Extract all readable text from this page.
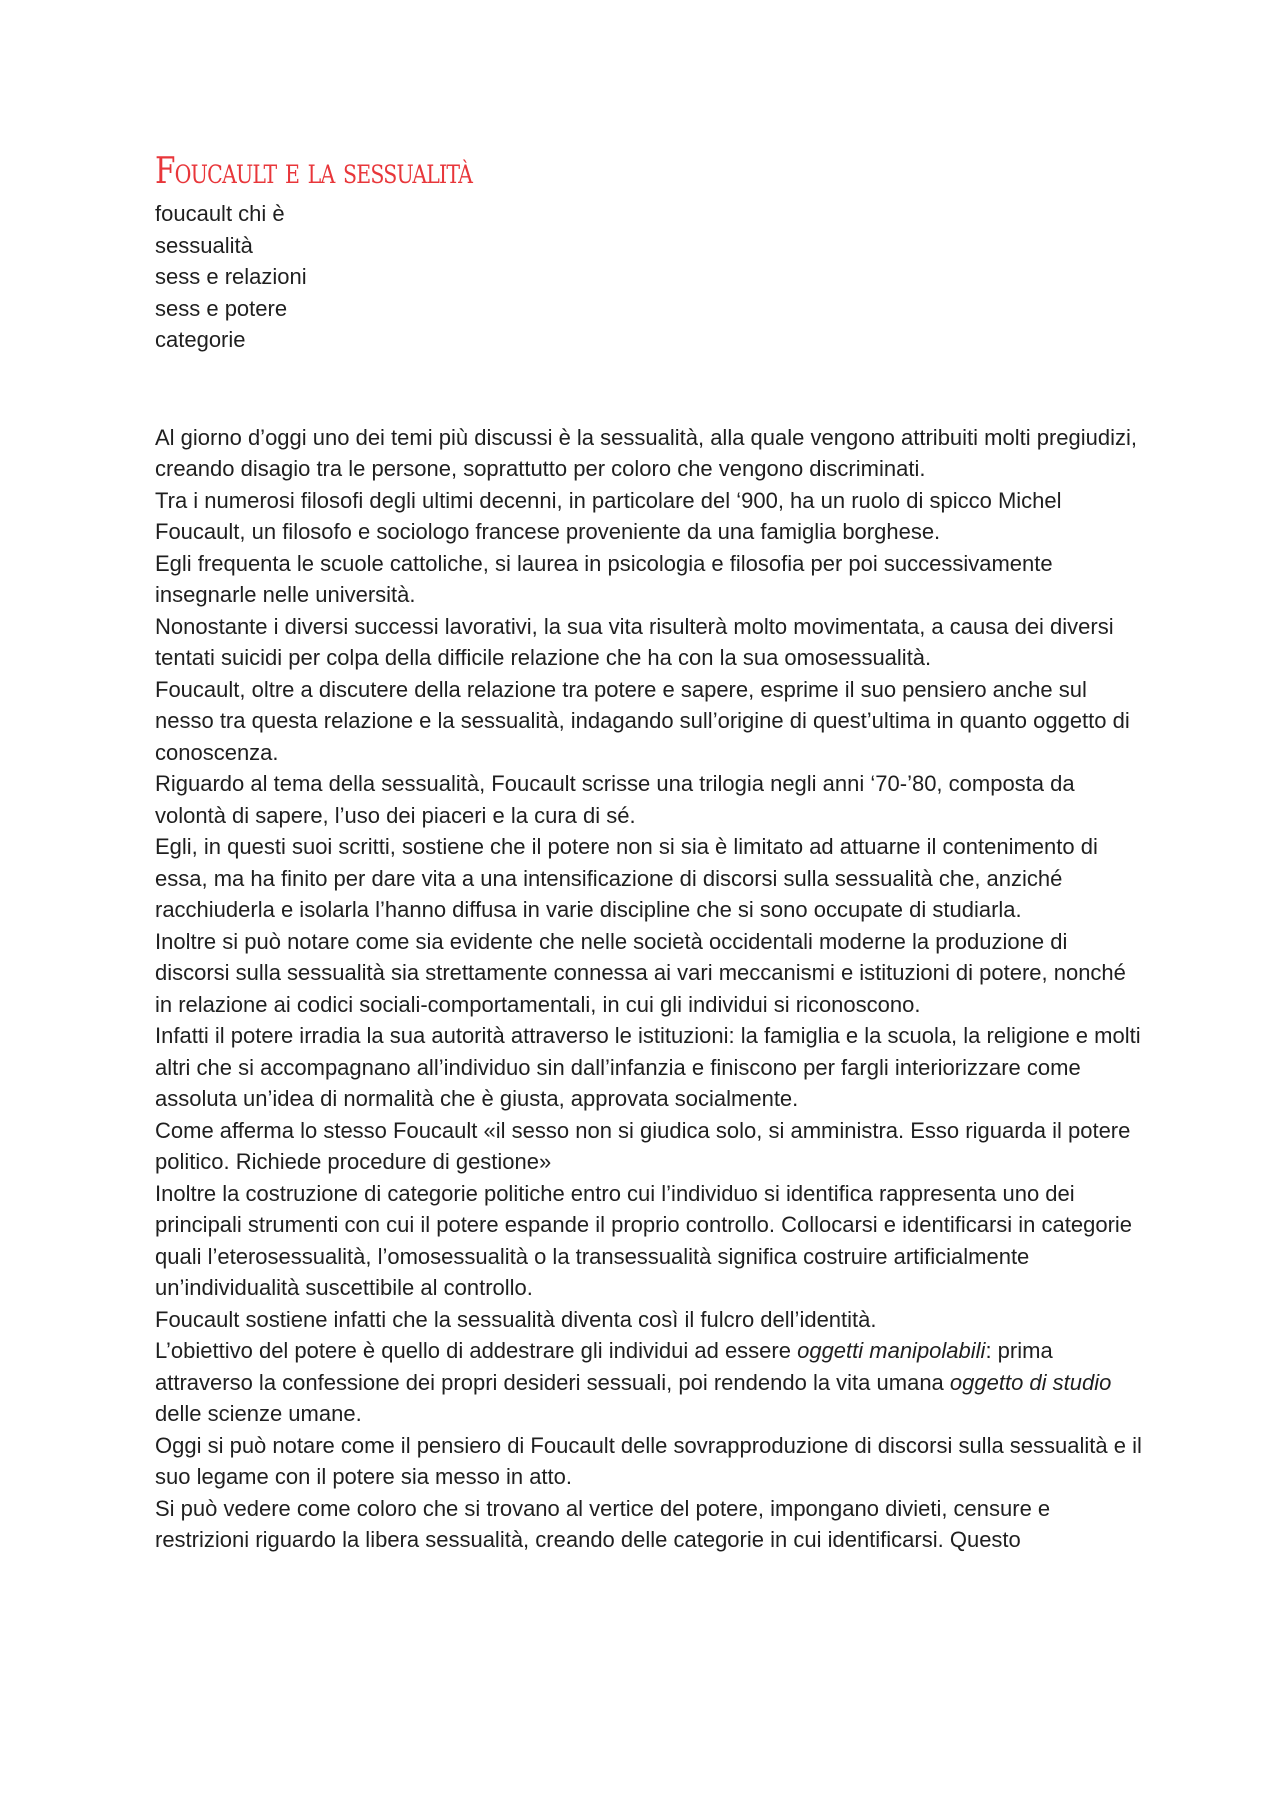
Foucault e la sessualità
foucault chi è
sessualità
sess e relazioni
sess e potere
categorie

Al giorno d’oggi uno dei temi più discussi è la sessualità, alla quale vengono attribuiti molti pregiudizi, creando disagio tra le persone, soprattutto per coloro che vengono discriminati.

Tra i numerosi filosofi degli ultimi decenni, in particolare del ‘900, ha un ruolo di spicco Michel Foucault, un filosofo e sociologo francese proveniente da una famiglia borghese.

Egli frequenta le scuole cattoliche, si laurea in psicologia e filosofia per poi successivamente insegnarle nelle università.

Nonostante i diversi successi lavorativi, la sua vita risulterà molto movimentata, a causa dei diversi tentati suicidi per colpa della difficile relazione che ha con la sua omosessualità.

Foucault, oltre a discutere della relazione tra potere e sapere, esprime il suo pensiero anche sul nesso tra questa relazione e la sessualità, indagando sull’origine di quest’ultima in quanto oggetto di conoscenza.

Riguardo al tema della sessualità, Foucault scrisse una trilogia negli anni ‘70-’80, composta da volontà di sapere, l’uso dei piaceri e la cura di sé.

Egli, in questi suoi scritti, sostiene che il potere non si sia è limitato ad attuarne il contenimento di essa, ma ha finito per dare vita a una intensificazione di discorsi sulla sessualità che, anziché racchiuderla e isolarla l’hanno diffusa in varie discipline che si sono occupate di studiarla.

Inoltre si può notare come sia evidente che nelle società occidentali moderne la produzione di discorsi sulla sessualità sia strettamente connessa ai vari meccanismi e istituzioni di potere, nonché in relazione ai codici sociali-comportamentali, in cui gli individui si riconoscono.

Infatti il potere irradia la sua autorità attraverso le istituzioni: la famiglia e la scuola, la religione e molti altri che si accompagnano all’individuo sin dall’infanzia e finiscono per fargli interiorizzare come assoluta un’idea di normalità che è giusta, approvata socialmente.

Come afferma lo stesso Foucault «il sesso non si giudica solo, si amministra. Esso riguarda il potere politico. Richiede procedure di gestione»

Inoltre la costruzione di categorie politiche entro cui l’individuo si identifica rappresenta uno dei principali strumenti con cui il potere espande il proprio controllo. Collocarsi e identificarsi in categorie quali l’eterosessualità, l’omosessualità o la transessualità significa costruire artificialmente un’individualità suscettibile al controllo.

Foucault sostiene infatti che la sessualità diventa così il fulcro dell’identità.

L’obiettivo del potere è quello di addestrare gli individui ad essere oggetti manipolabili: prima attraverso la confessione dei propri desideri sessuali, poi rendendo la vita umana oggetto di studio delle scienze umane.

Oggi si può notare come il pensiero di Foucault delle sovrapproduzione di discorsi sulla sessualità e il suo legame con il potere sia messo in atto.

Si può vedere come coloro che si trovano al vertice del potere, impongano divieti, censure e restrizioni riguardo la libera sessualità, creando delle categorie in cui identificarsi. Questo
